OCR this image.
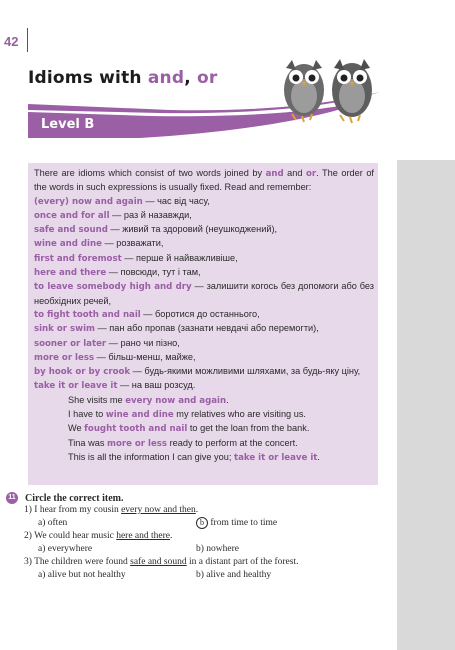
42
Idioms with and, or
Level B

There are idioms which consist of two words joined by and and or. The order of the words in such expressions is usually fixed. Read and remember:

(every) now and again — час від часу,

once and for all — раз й назавжди,

safe and sound — живий та здоровий (неушкоджений),

wine and dine — розважати,

first and foremost — перше й найважливіше,

here and there — повсюди, тут і там,

to leave somebody high and dry — залишити когось без допомоги або без необхідних речей,

to fight tooth and nail — боротися до останнього,

sink or swim — пан або пропав (зазнати невдачі або перемогти),

sooner or later — рано чи пізно,

more or less — більш-менш, майже,

by hook or by crook — будь-якими можливими шляхами, за будь-яку ціну,

take it or leave it — на ваш розсуд.

She visits me every now and again.
I have to wine and dine my relatives who are visiting us.
We fought tooth and nail to get the loan from the bank.
Tina was more or less ready to perform at the concert.
This is all the information I can give you; take it or leave it.

11 Circle the correct item.

1) I hear from my cousin every now and then.
a) often	b from time to time
2) We could hear music here and there.
a) everywhere	b) nowhere
3) The children were found safe and sound in a distant part of the forest.
a) alive but not healthy	b) alive and healthy
